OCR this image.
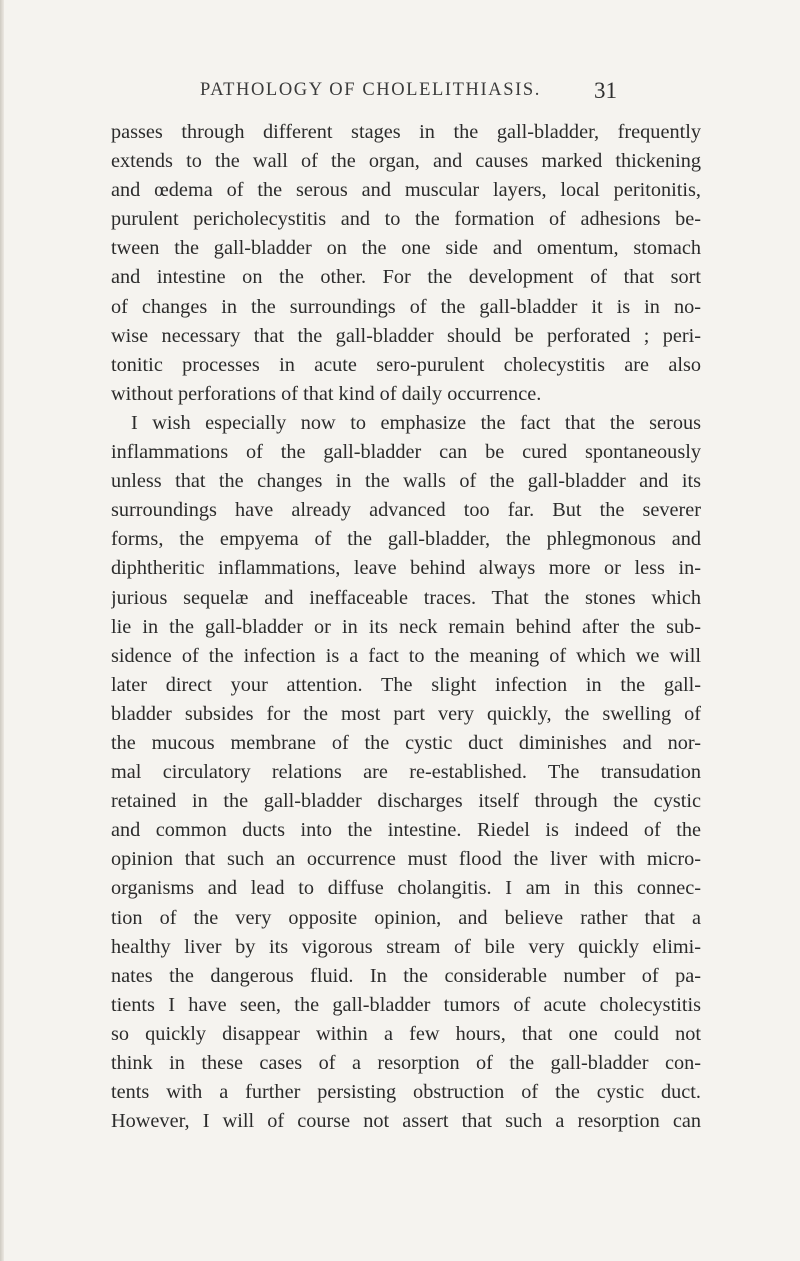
PATHOLOGY OF CHOLELITHIASIS.	31
passes through different stages in the gall-bladder, frequently
extends to the wall of the organ, and causes marked thickening
and œdema of the serous and muscular layers, local peritonitis,
purulent pericholecystitis and to the formation of adhesions be-
tween the gall-bladder on the one side and omentum, stomach
and intestine on the other. For the development of that sort
of changes in the surroundings of the gall-bladder it is in no-
wise necessary that the gall-bladder should be perforated ; peri-
tonitic processes in acute sero-purulent cholecystitis are also
without perforations of that kind of daily occurrence.
I wish especially now to emphasize the fact that the serous
inflammations of the gall-bladder can be cured spontaneously
unless that the changes in the walls of the gall-bladder and its
surroundings have already advanced too far. But the severer
forms, the empyema of the gall-bladder, the phlegmonous and
diphtheritic inflammations, leave behind always more or less in-
jurious sequelæ and ineffaceable traces. That the stones which
lie in the gall-bladder or in its neck remain behind after the sub-
sidence of the infection is a fact to the meaning of which we will
later direct your attention. The slight infection in the gall-
bladder subsides for the most part very quickly, the swelling of
the mucous membrane of the cystic duct diminishes and nor-
mal circulatory relations are re-established. The transudation
retained in the gall-bladder discharges itself through the cystic
and common ducts into the intestine. Riedel is indeed of the
opinion that such an occurrence must flood the liver with micro-
organisms and lead to diffuse cholangitis. I am in this connec-
tion of the very opposite opinion, and believe rather that a
healthy liver by its vigorous stream of bile very quickly elimi-
nates the dangerous fluid. In the considerable number of pa-
tients I have seen, the gall-bladder tumors of acute cholecystitis
so quickly disappear within a few hours, that one could not
think in these cases of a resorption of the gall-bladder con-
tents with a further persisting obstruction of the cystic duct.
However, I will of course not assert that such a resorption can
